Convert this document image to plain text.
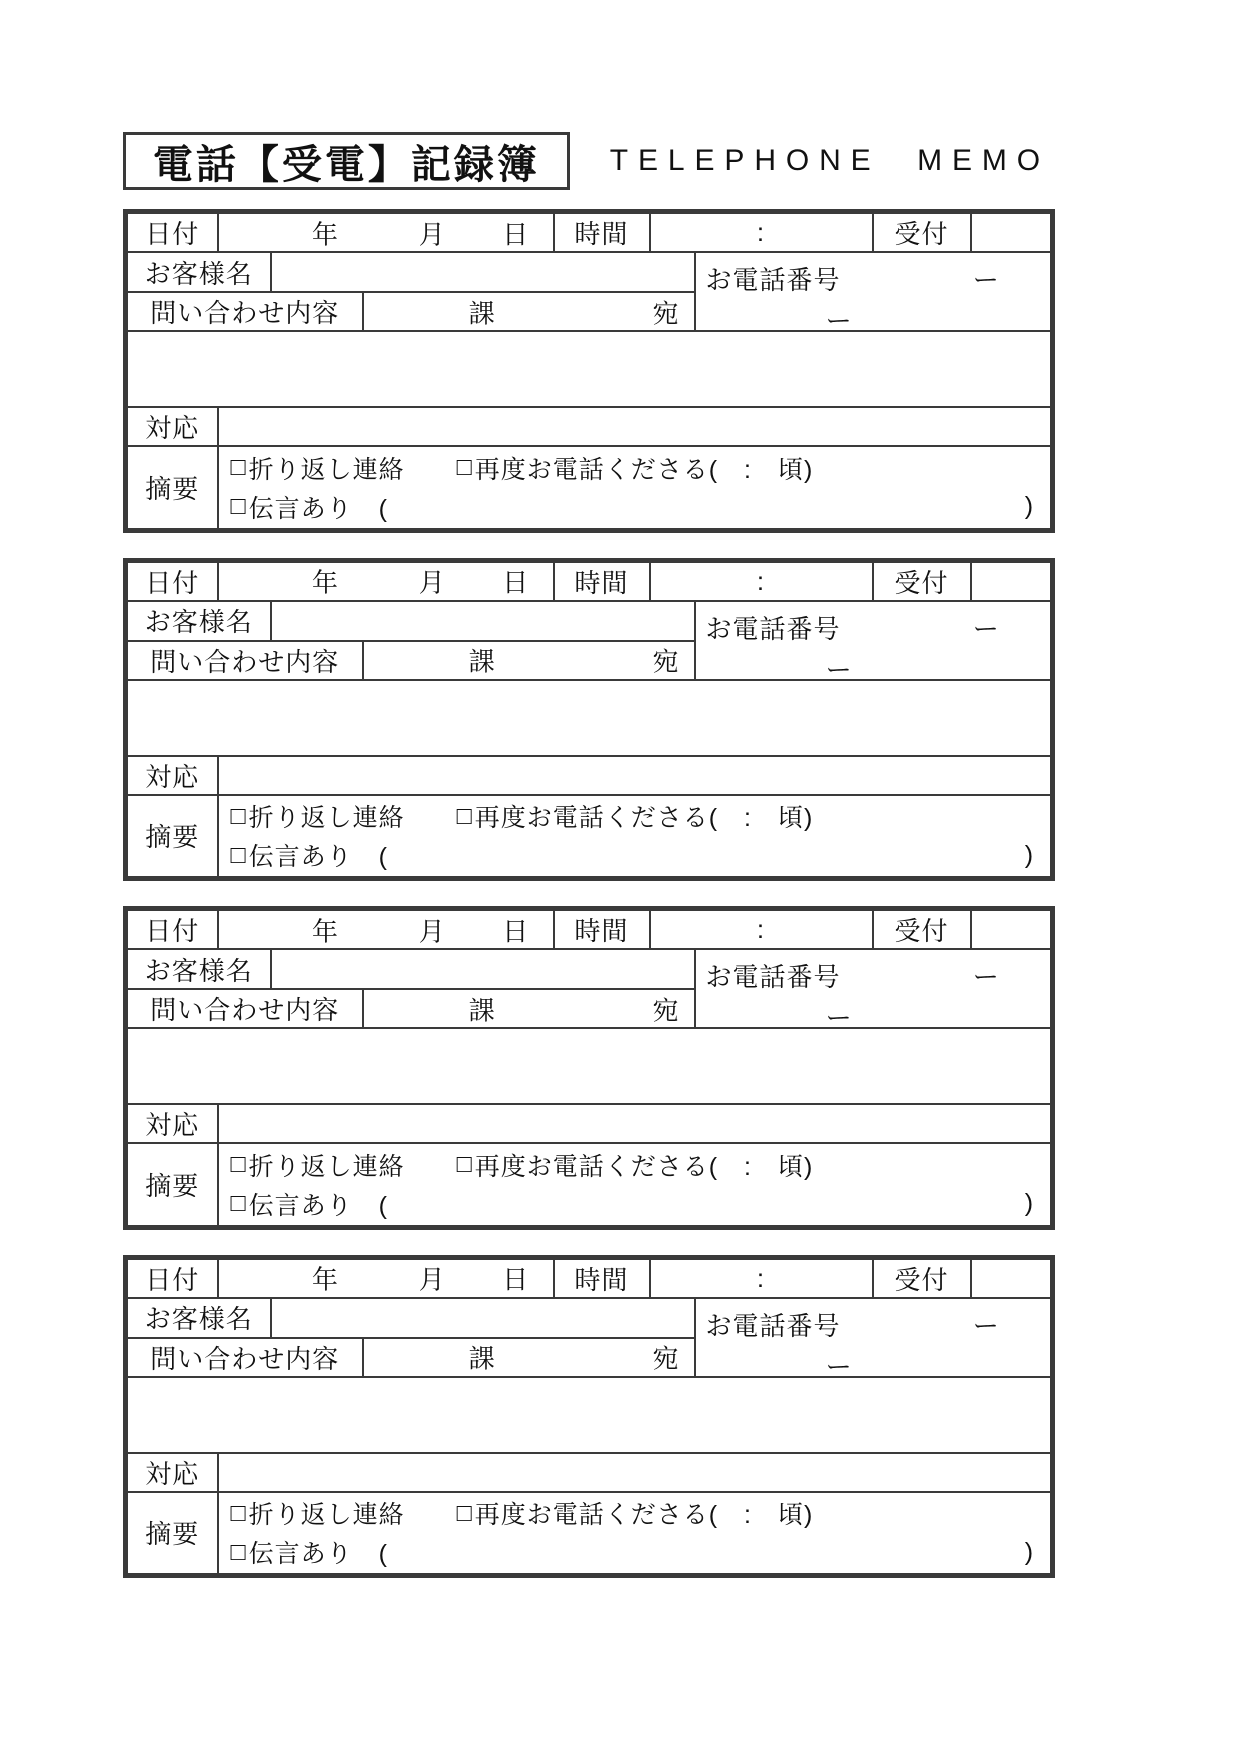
電話【受電】記録簿 TELEPHONE  MEMO
日付	年 月 日			時間	:		受付	
お客様名						お電話番号 ー
ー		

問い合わせ内容			課 宛					

対応								
摘要	
□ 折り返し連絡 □ 再度お電話くださる(　:　頃)
□ 伝言あり　(	)
日付	年 月 日			時間	:		受付	
お客様名						お電話番号 ー
ー		

問い合わせ内容			課 宛					

対応								
摘要	
□ 折り返し連絡 □ 再度お電話くださる(　:　頃)
□ 伝言あり　(	)
日付	年 月 日			時間	:		受付	
お客様名						お電話番号 ー
ー		

問い合わせ内容			課 宛					

対応								
摘要	
□ 折り返し連絡 □ 再度お電話くださる(　:　頃)
□ 伝言あり　(	)
日付	年 月 日			時間	:		受付	
お客様名						お電話番号 ー
ー		

問い合わせ内容			課 宛					

対応								
摘要	
□ 折り返し連絡 □ 再度お電話くださる(　:　頃)
□ 伝言あり　(	)
